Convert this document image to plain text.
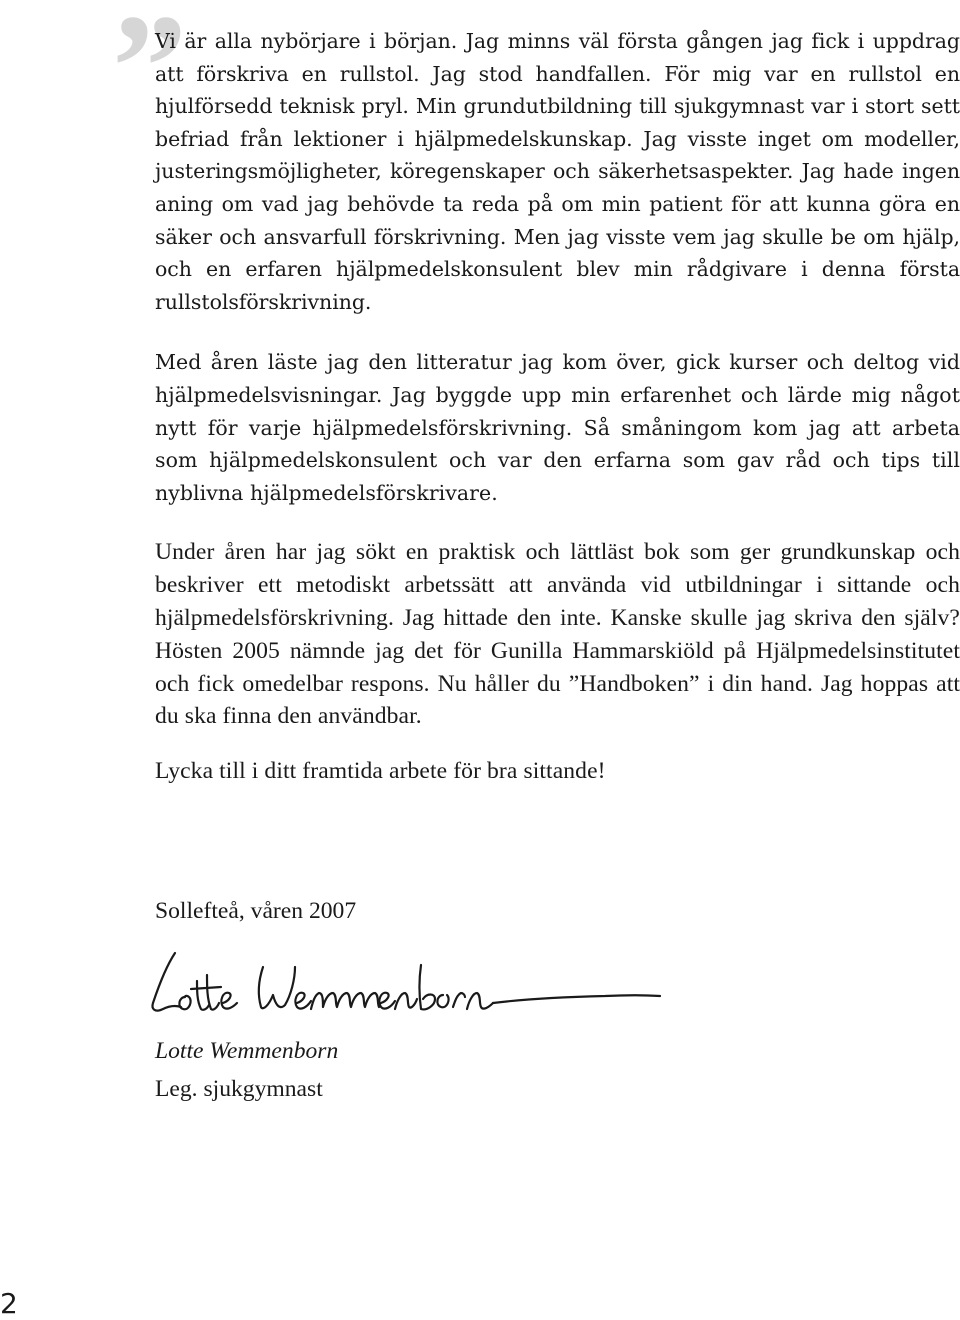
”

Vi är alla nybörjare i början. Jag minns väl första gången jag fick i uppdrag att förskriva en rullstol. Jag stod handfallen. För mig var en rullstol en hjulförsedd teknisk pryl. Min grundutbildning till sjukgymnast var i stort sett befriad från lektioner i hjälpmedelskunskap. Jag visste inget om modeller, justeringsmöjligheter, köregenskaper och säkerhetsaspekter. Jag hade ingen aning om vad jag behövde ta reda på om min patient för att kunna göra en säker och ansvarfull förskrivning. Men jag visste vem jag skulle be om hjälp, och en erfaren hjälpmedelskonsulent blev min rådgivare i denna första rullstolsförskrivning.

Med åren läste jag den litteratur jag kom över, gick kurser och deltog vid hjälpmedelsvisningar. Jag byggde upp min erfarenhet och lärde mig något nytt för varje hjälpmedelsförskrivning. Så småningom kom jag att arbeta som hjälpmedelskonsulent och var den erfarna som gav råd och tips till nyblivna hjälpmedelsförskrivare.

Under åren har jag sökt en praktisk och lättläst bok som ger grundkunskap och beskriver ett metodiskt arbetssätt att använda vid utbildningar i sittande och hjälpmedelsförskrivning. Jag hittade den inte. Kanske skulle jag skriva den själv? Hösten 2005 nämnde jag det för Gunilla Hammarskiöld på Hjälpmedelsinstitutet och fick omedelbar respons. Nu håller du ”Handboken” i din hand. Jag hoppas att du ska finna den användbar.

Lycka till i ditt framtida arbete för bra sittande!

Sollefteå, våren 2007

Lotte Wemmenborn

Leg. sjukgymnast

2
